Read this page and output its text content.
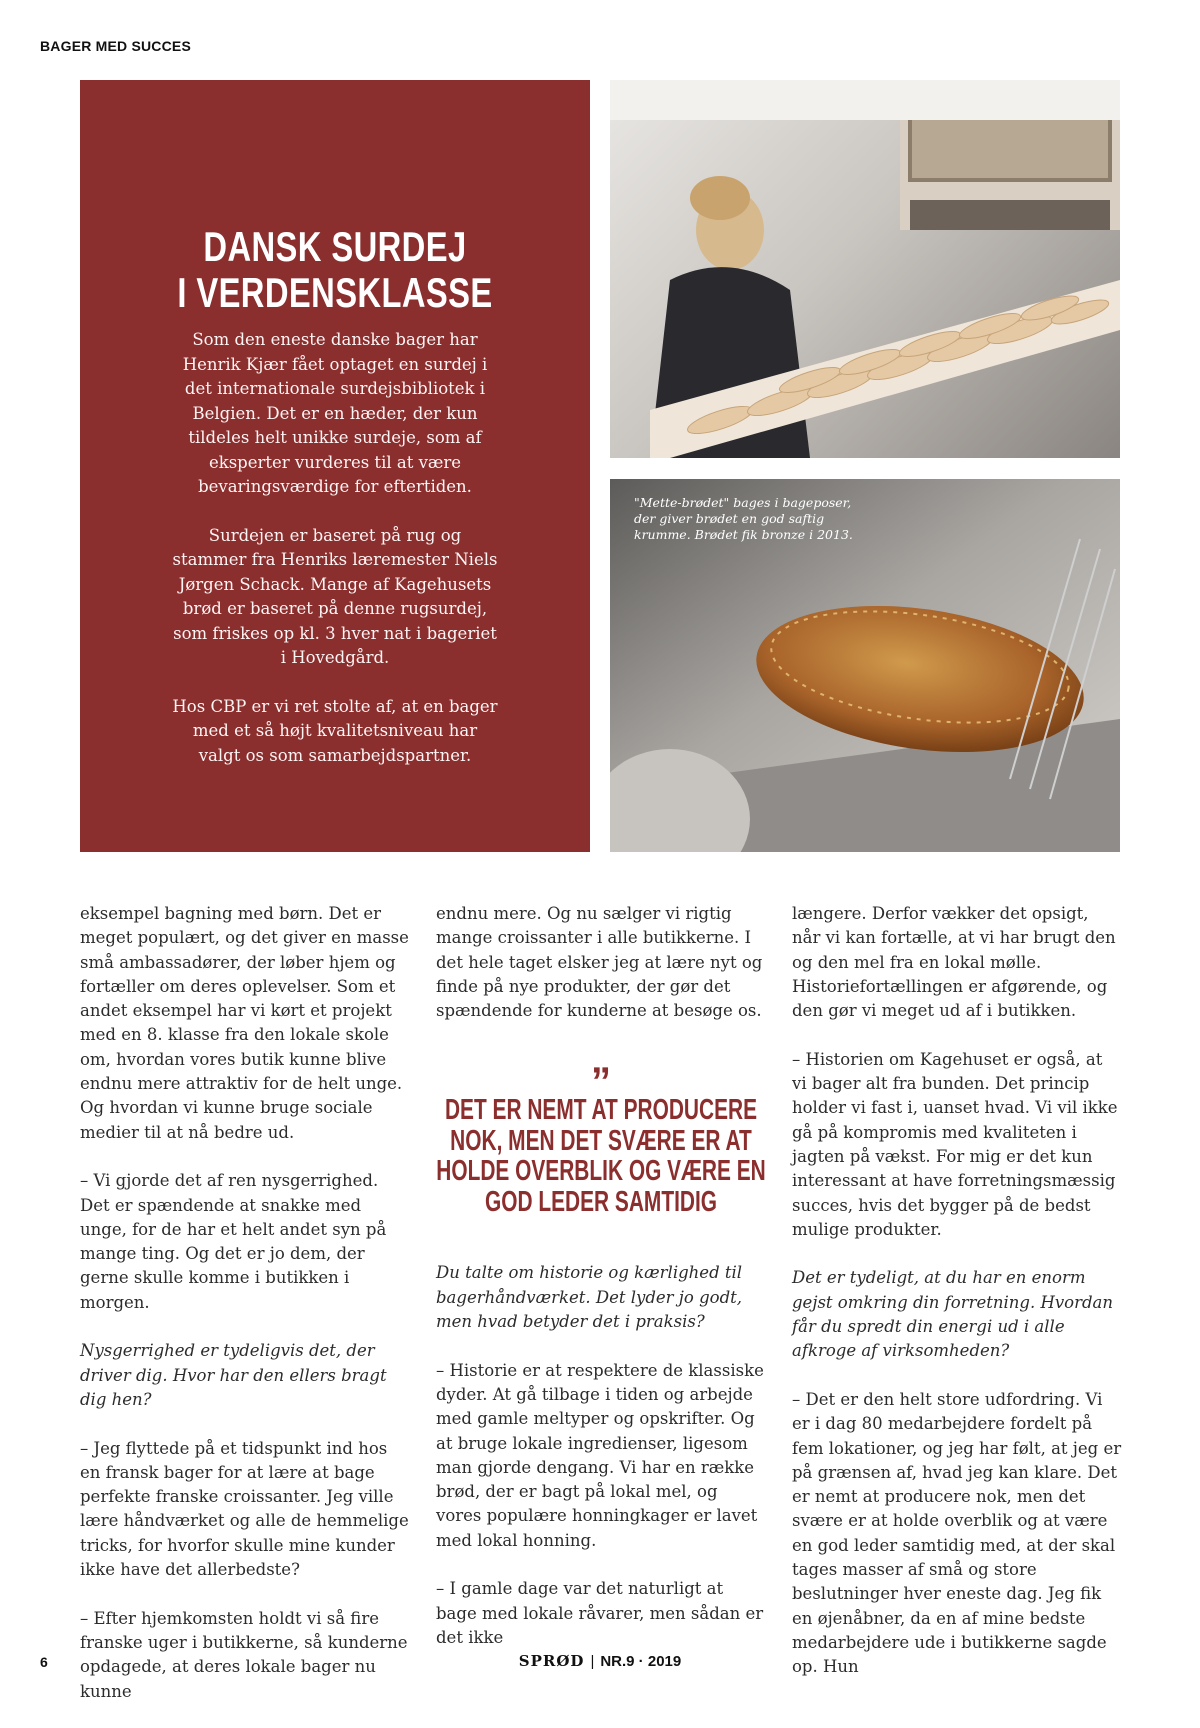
BAGER MED SUCCES
DANSK SURDEJ
I VERDENSKLASSE

Som den eneste danske bager har Henrik Kjær fået optaget en surdej i det internationale surdejsbibliotek i Belgien. Det er en hæder, der kun tildeles helt unikke surdeje, som af eksperter vurderes til at være bevaringsværdige for eftertiden.

Surdejen er baseret på rug og stammer fra Henriks læremester Niels Jørgen Schack. Mange af Kagehusets brød er baseret på denne rugsurdej, som friskes op kl. 3 hver nat i bageriet i Hovedgård.

Hos CBP er vi ret stolte af, at en bager med et så højt kvalitetsniveau har valgt os som samarbejdspartner.

"Mette-brødet" bages i bageposer, der giver brødet en god saftig krumme. Brødet fik bronze i 2013.

eksempel bagning med børn. Det er meget populært, og det giver en masse små ambassadører, der løber hjem og fortæller om deres oplevelser. Som et andet eksempel har vi kørt et projekt med en 8. klasse fra den lokale skole om, hvordan vores butik kunne blive endnu mere attraktiv for de helt unge. Og hvordan vi kunne bruge sociale medier til at nå bedre ud.

– Vi gjorde det af ren nysgerrighed. Det er spændende at snakke med unge, for de har et helt andet syn på mange ting. Og det er jo dem, der gerne skulle komme i butikken i morgen.

Nysgerrighed er tydeligvis det, der driver dig. Hvor har den ellers bragt dig hen?

– Jeg flyttede på et tidspunkt ind hos en fransk bager for at lære at bage perfekte franske croissanter. Jeg ville lære håndværket og alle de hemmelige tricks, for hvorfor skulle mine kunder ikke have det allerbedste?

– Efter hjemkomsten holdt vi så fire franske uger i butikkerne, så kunderne opdagede, at deres lokale bager nu kunne

endnu mere. Og nu sælger vi rigtig mange croissanter i alle butikkerne. I det hele taget elsker jeg at lære nyt og finde på nye produkter, der gør det spændende for kunderne at besøge os.

”
DET ER NEMT AT PRODUCERE NOK, MEN DET SVÆRE ER AT HOLDE OVERBLIK OG VÆRE EN GOD LEDER SAMTIDIG

Du talte om historie og kærlighed til bagerhåndværket. Det lyder jo godt, men hvad betyder det i praksis?

– Historie er at respektere de klassiske dyder. At gå tilbage i tiden og arbejde med gamle meltyper og opskrifter. Og at bruge lokale ingredienser, ligesom man gjorde dengang. Vi har en række brød, der er bagt på lokal mel, og vores populære honningkager er lavet med lokal honning.

– I gamle dage var det naturligt at bage med lokale råvarer, men sådan er det ikke

længere. Derfor vækker det opsigt, når vi kan fortælle, at vi har brugt den og den mel fra en lokal mølle. Historiefortællingen er afgørende, og den gør vi meget ud af i butikken.

– Historien om Kagehuset er også, at vi bager alt fra bunden. Det princip holder vi fast i, uanset hvad. Vi vil ikke gå på kompromis med kvaliteten i jagten på vækst. For mig er det kun interessant at have forretningsmæssig succes, hvis det bygger på de bedst mulige produkter.

Det er tydeligt, at du har en enorm gejst omkring din forretning. Hvordan får du spredt din energi ud i alle afkroge af virksomheden?

– Det er den helt store udfordring. Vi er i dag 80 medarbejdere fordelt på fem lokationer, og jeg har følt, at jeg er på grænsen af, hvad jeg kan klare. Det er nemt at producere nok, men det svære er at holde overblik og at være en god leder samtidig med, at der skal tages masser af små og store beslutninger hver eneste dag. Jeg fik en øjenåbner, da en af mine bedste medarbejdere ude i butikkerne sagde op. Hun

6	SPRØD | NR.9 · 2019
